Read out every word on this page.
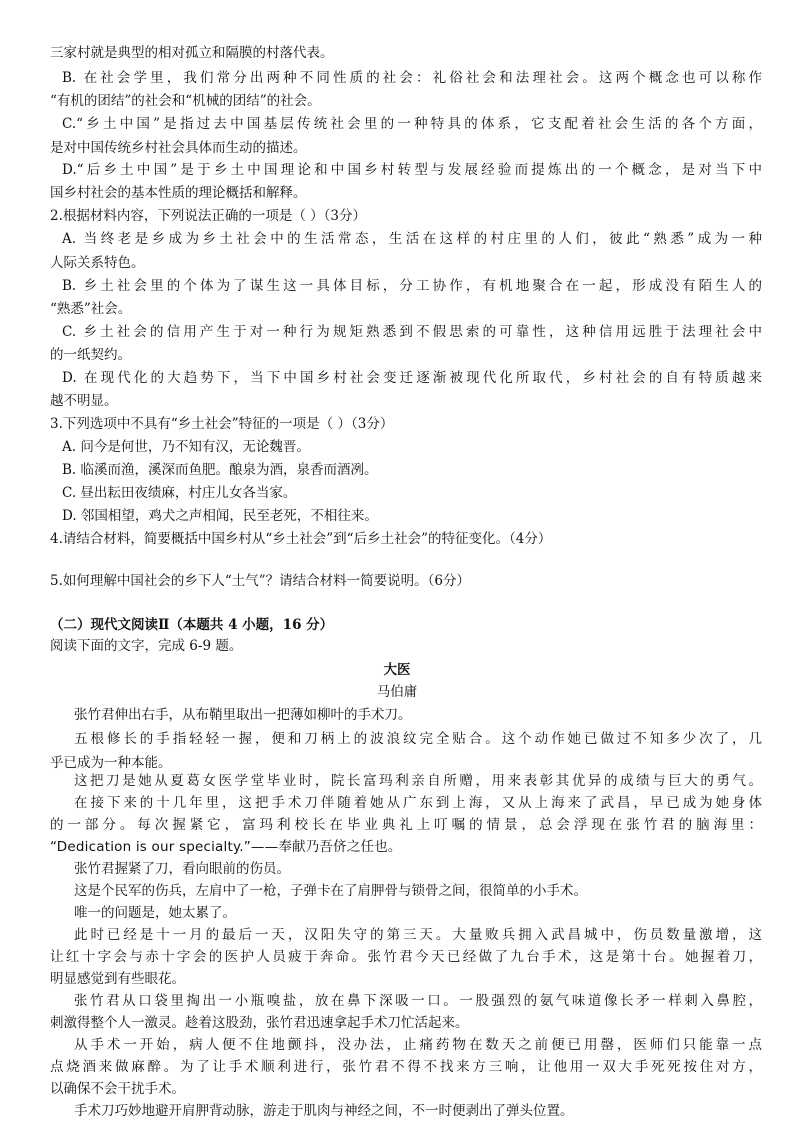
三家村就是典型的相对孤立和隔膜的村落代表。
B. 在社会学里，我们常分出两种不同性质的社会：礼俗社会和法理社会。这两个概念也可以称作
“有机的团结”的社会和“机械的团结”的社会。
C.“乡土中国”是指过去中国基层传统社会里的一种特具的体系，它支配着社会生活的各个方面，
是对中国传统乡村社会具体而生动的描述。
D.“后乡土中国”是于乡土中国理论和中国乡村转型与发展经验而提炼出的一个概念，是对当下中
国乡村社会的基本性质的理论概括和解释。
2.根据材料内容，下列说法正确的一项是（ ）（3分）
A. 当终老是乡成为乡土社会中的生活常态，生活在这样的村庄里的人们，彼此“熟悉”成为一种
人际关系特色。
B. 乡土社会里的个体为了谋生这一具体目标，分工协作，有机地聚合在一起，形成没有陌生人的
“熟悉”社会。
C. 乡土社会的信用产生于对一种行为规矩熟悉到不假思索的可靠性，这种信用远胜于法理社会中
的一纸契约。
D. 在现代化的大趋势下，当下中国乡村社会变迁逐渐被现代化所取代，乡村社会的自有特质越来
越不明显。
3.下列选项中不具有“乡土社会”特征的一项是（ ）（3分）
A. 问今是何世，乃不知有汉，无论魏晋。
B. 临溪而渔，溪深而鱼肥。酿泉为酒，泉香而酒冽。
C. 昼出耘田夜绩麻，村庄儿女各当家。
D. 邻国相望，鸡犬之声相闻，民至老死，不相往来。
4.请结合材料，简要概括中国乡村从“乡土社会”到“后乡土社会”的特征变化。（4分）
5.如何理解中国社会的乡下人“土气”？请结合材料一简要说明。（6分）
（二）现代文阅读Ⅱ（本题共 4 小题，16 分）
阅读下面的文字，完成 6-9 题。
大医
马伯庸
张竹君伸出右手，从布鞘里取出一把薄如柳叶的手术刀。
五根修长的手指轻轻一握，便和刀柄上的波浪纹完全贴合。这个动作她已做过不知多少次了，几
乎已成为一种本能。
这把刀是她从夏葛女医学堂毕业时，院长富玛利亲自所赠，用来表彰其优异的成绩与巨大的勇气。
在接下来的十几年里，这把手术刀伴随着她从广东到上海，又从上海来了武昌，早已成为她身体
的一部分。每次握紧它，富玛利校长在毕业典礼上叮嘱的情景，总会浮现在张竹君的脑海里：
“Dedication is our specialty.”——奉献乃吾侪之任也。
张竹君握紧了刀，看向眼前的伤员。
这是个民军的伤兵，左肩中了一枪，子弹卡在了肩胛骨与锁骨之间，很简单的小手术。
唯一的问题是，她太累了。
此时已经是十一月的最后一天，汉阳失守的第三天。大量败兵拥入武昌城中，伤员数量激增，这
让红十字会与赤十字会的医护人员疲于奔命。张竹君今天已经做了九台手术，这是第十台。她握着刀，
明显感觉到有些眼花。
张竹君从口袋里掏出一小瓶嗅盐，放在鼻下深吸一口。一股强烈的氨气味道像长矛一样刺入鼻腔，
刺激得整个人一激灵。趁着这股劲，张竹君迅速拿起手术刀忙活起来。
从手术一开始，病人便不住地颤抖，没办法，止痛药物在数天之前便已用罄，医师们只能靠一点
点烧酒来做麻醉。为了让手术顺利进行，张竹君不得不找来方三响，让他用一双大手死死按住对方，
以确保不会干扰手术。
手术刀巧妙地避开肩胛背动脉，游走于肌肉与神经之间，不一时便剥出了弹头位置。
